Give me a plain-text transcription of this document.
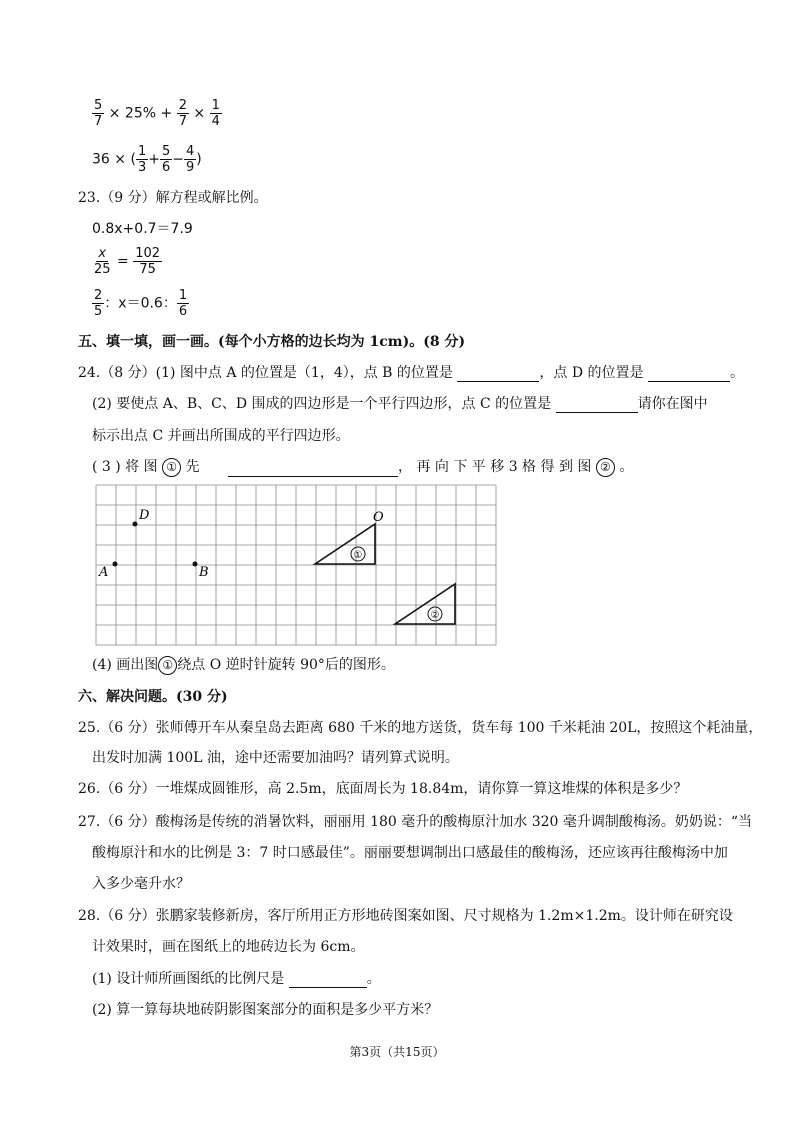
$\frac{5}{7} \times 25\% + \frac{2}{7} \times \frac{1}{4}$
36 × ( $\frac{1}{3} + \frac{5}{6} - \frac{4}{9}$ )
23.（9 分）解方程或解比例。
0.8x+0.7＝7.9
$\frac{x}{25} = \frac{102}{75}$
$\frac{2}{5}$ ：x＝0.6： $\frac{1}{6}$
五、填一填，画一画。(每个小方格的边长均为 1cm)。(8 分)
24.（8 分）(1) 图中点 A 的位置是（1，4），点 B 的位置是	，点 D 的位置是	。
(2) 要使点 A、B、C、D 围成的四边形是一个平行四边形，点 C 的位置是	请你在图中
标示出点 C 并画出所围成的平行四边形。
( 3 ) 将 图 ① 先	， 再 向 下 平 移 3 格 得 到 图 ② 。
D
A	B
O
①
②
(4) 画出图 ① 绕点 O 逆时针旋转 90°后的图形。
六、解决问题。(30 分)
25.（6 分）张师傅开车从秦皇岛去距离 680 千米的地方送货，货车每 100 千米耗油 20L，按照这个耗油量，
出发时加满 100L 油，途中还需要加油吗？请列算式说明。
26.（6 分）一堆煤成圆锥形，高 2.5m，底面周长为 18.84m，请你算一算这堆煤的体积是多少？
27.（6 分）酸梅汤是传统的消暑饮料，丽丽用 180 毫升的酸梅原汁加水 320 毫升调制酸梅汤。奶奶说：“当
酸梅原汁和水的比例是 3：7 时口感最佳”。丽丽要想调制出口感最佳的酸梅汤，还应该再往酸梅汤中加
入多少毫升水？
28.（6 分）张鹏家装修新房，客厅所用正方形地砖图案如图、尺寸规格为 1.2m×1.2m。设计师在研究设
计效果时，画在图纸上的地砖边长为 6cm。
(1) 设计师所画图纸的比例尺是	。
(2) 算一算每块地砖阴影图案部分的面积是多少平方米？
第3页（共15页）
